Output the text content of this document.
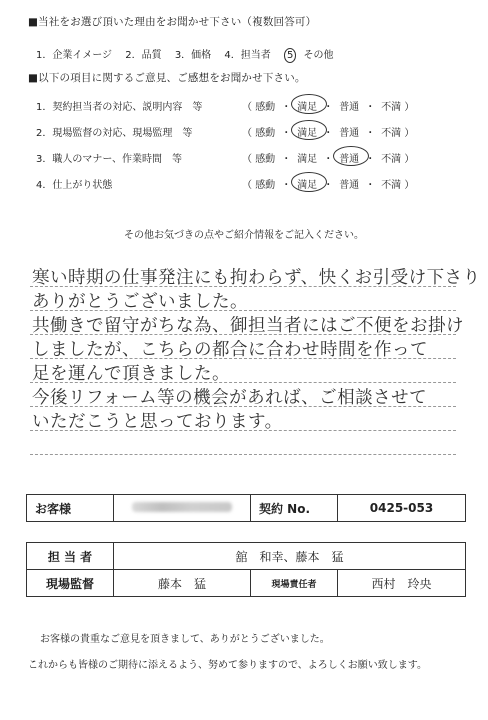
■当社をお選び頂いた理由をお聞かせ下さい（複数回答可）
1．企業イメージ 2．品質 3．価格 4．担当者 5 その他
■以下の項目に関するご意見、ご感想をお聞かせ下さい。
1．契約担当者の対応、説明内容　等	（ 感動 ・ 満足 ・ 普通 ・ 不満 ）
2．現場監督の対応、現場監理　等	（ 感動 ・ 満足 ・ 普通 ・ 不満 ）
3．職人のマナー、作業時間　等	（ 感動 ・ 満足 ・ 普通 ・ 不満 ）
4．仕上がり状態	（ 感動 ・ 満足 ・ 普通 ・ 不満 ）
その他お気づきの点やご紹介情報をご記入ください。
寒い時期の仕事発注にも拘わらず、快くお引受け下さり
ありがとうございました。
共働きで留守がちな為、御担当者にはご不便をお掛け
しましたが、こちらの都合に合わせ時間を作って
足を運んで頂きました。
今後リフォーム等の機会があれば、ご相談させて
いただこうと思っております。
お客様		契約 No.	0425-053
担 当 者	舘　和幸、藤本　猛		
現場監督	藤本　猛	現場責任者	西村　玲央
お客様の貴重なご意見を頂きまして、ありがとうございました。
これからも皆様のご期待に添えるよう、努めて参りますので、よろしくお願い致します。
